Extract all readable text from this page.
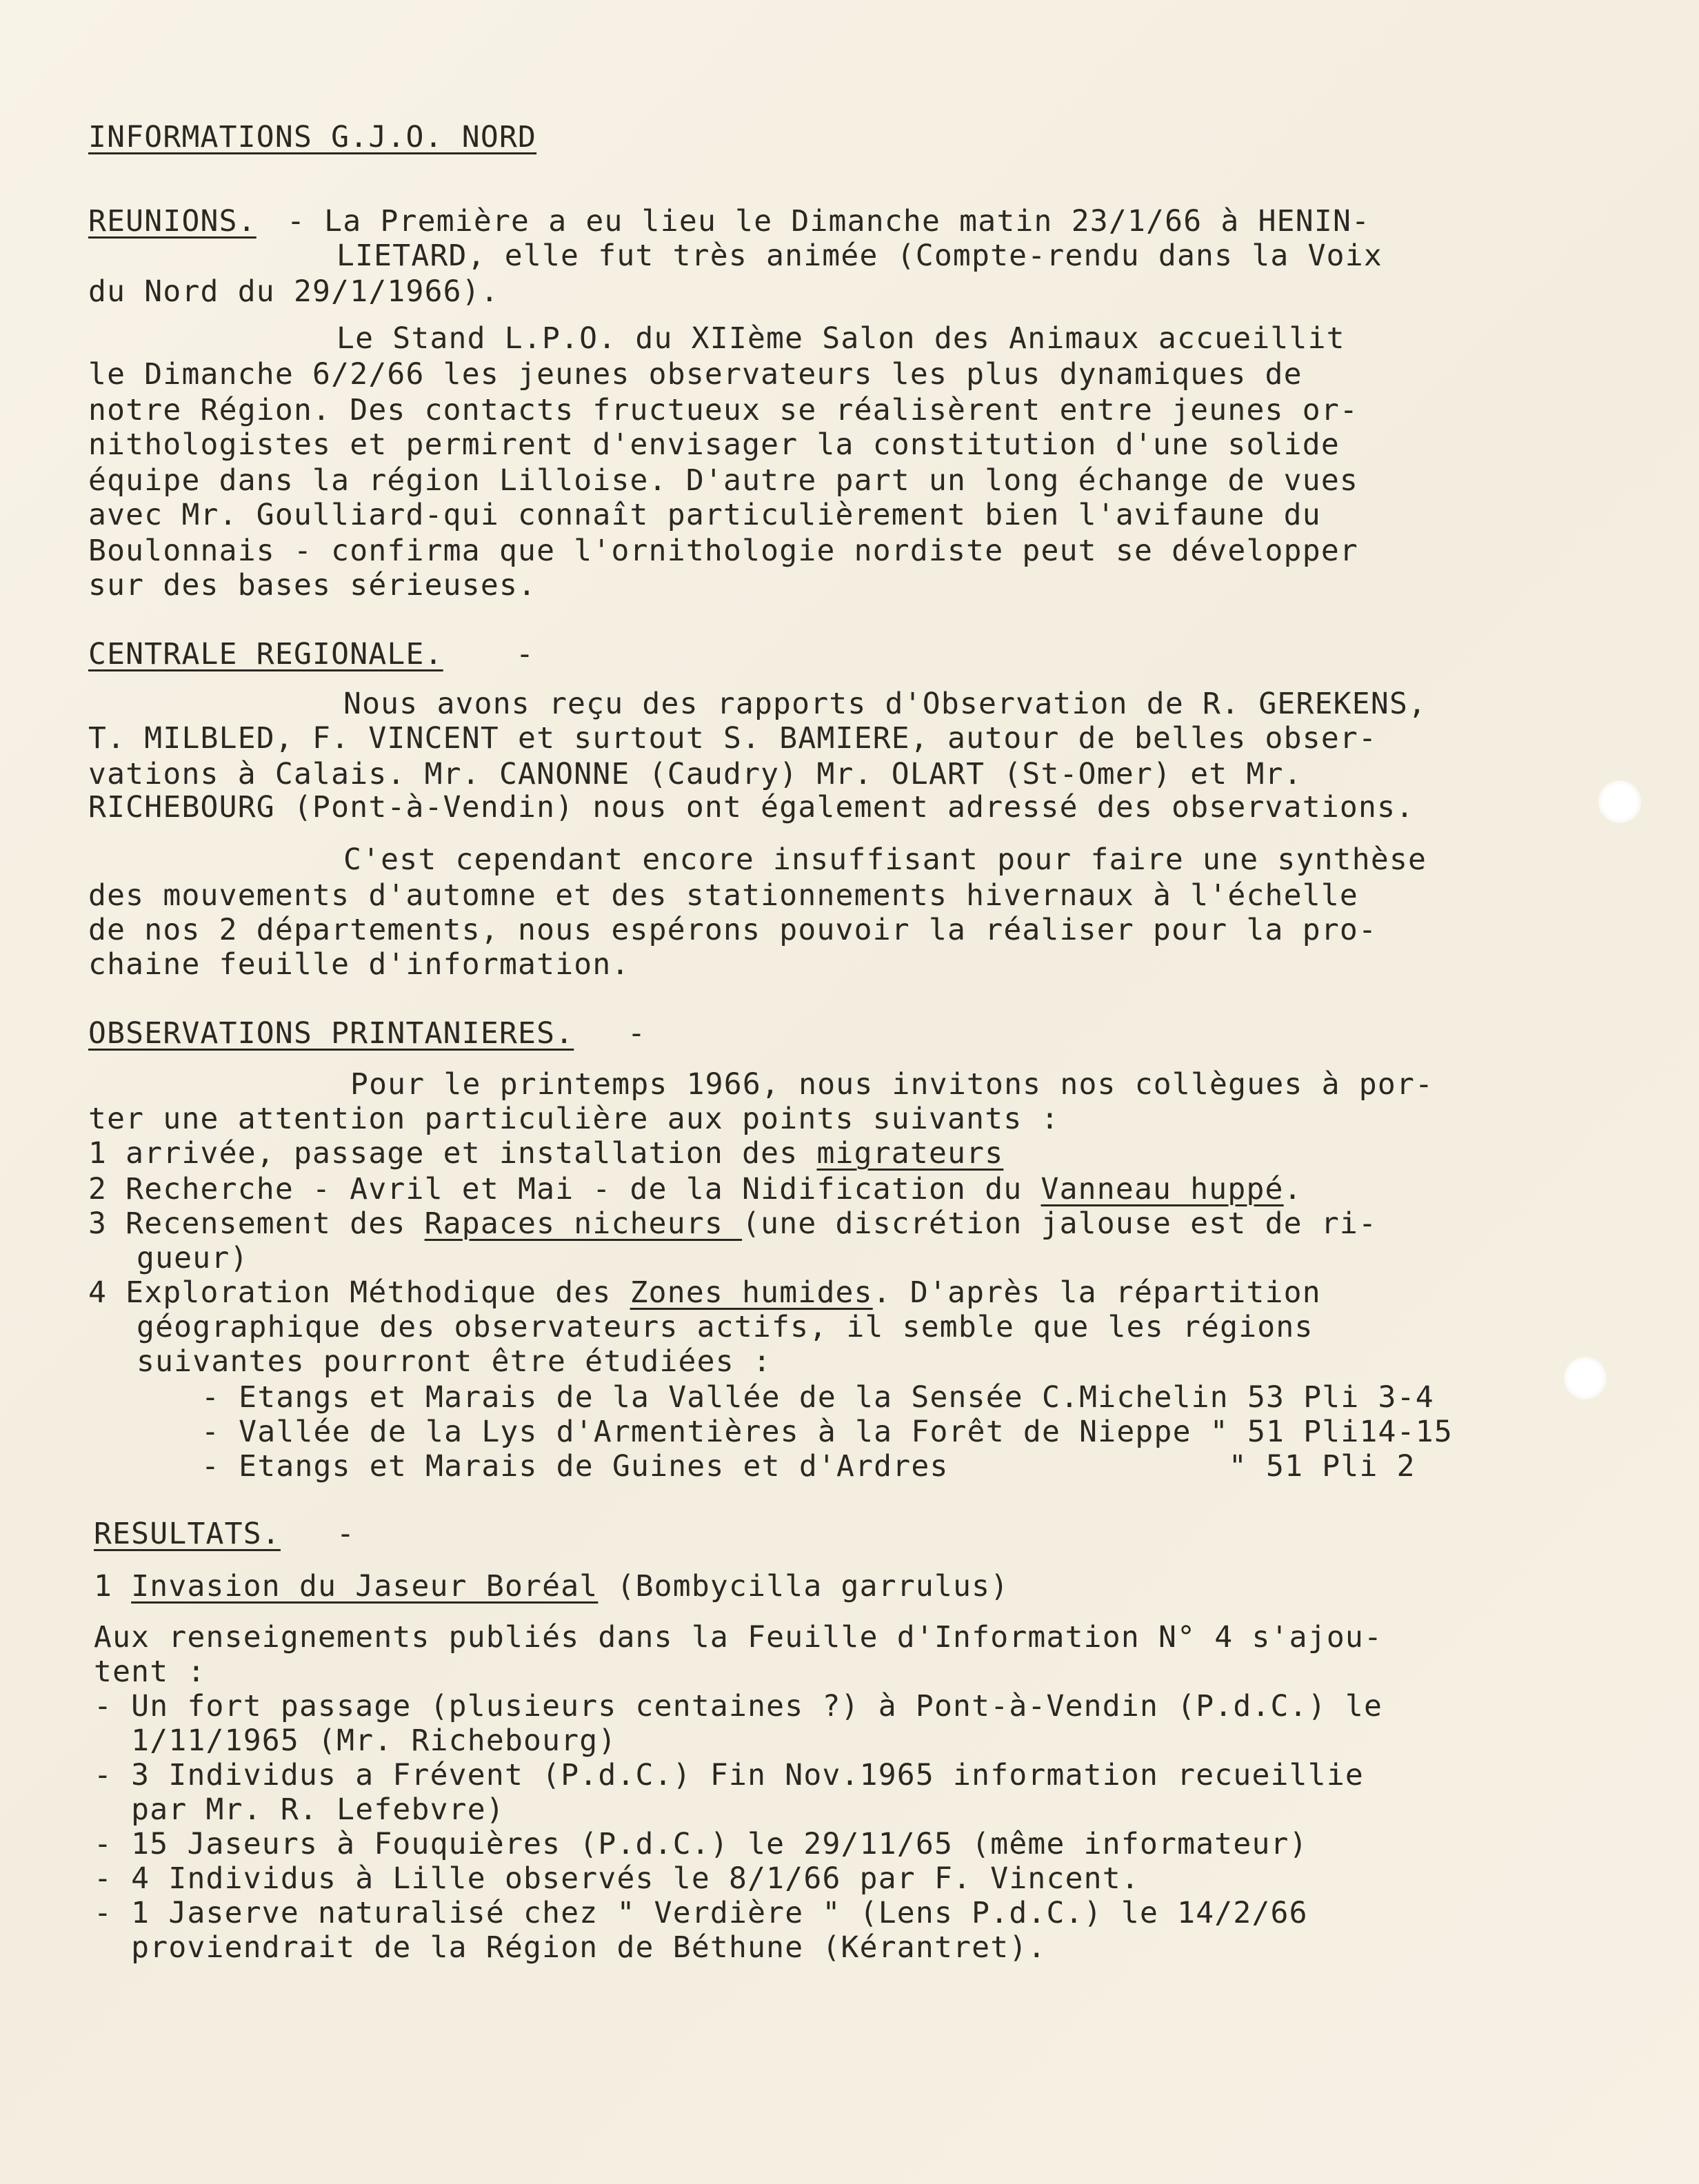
INFORMATIONS G.J.O. NORD
REUNIONS. - La Première a eu lieu le Dimanche matin 23/1/66 à HENIN-
LIETARD, elle fut très animée (Compte-rendu dans la Voix
du Nord du 29/1/1966).
Le Stand L.P.O. du XIIème Salon des Animaux accueillit
le Dimanche 6/2/66 les jeunes observateurs les plus dynamiques de
notre Région. Des contacts fructueux se réalisèrent entre jeunes or-
nithologistes et permirent d'envisager la constitution d'une solide
équipe dans la région Lilloise. D'autre part un long échange de vues
avec Mr. Goulliard-qui connaît particulièrement bien l'avifaune du
Boulonnais - confirma que l'ornithologie nordiste peut se développer
sur des bases sérieuses.
CENTRALE REGIONALE. -
Nous avons reçu des rapports d'Observation de R. GEREKENS,
T. MILBLED, F. VINCENT et surtout S. BAMIERE, autour de belles obser-
vations à Calais. Mr. CANONNE (Caudry) Mr. OLART (St-Omer) et Mr.
RICHEBOURG (Pont-à-Vendin) nous ont également adressé des observations.
C'est cependant encore insuffisant pour faire une synthèse
des mouvements d'automne et des stationnements hivernaux à l'échelle
de nos 2 départements, nous espérons pouvoir la réaliser pour la pro-
chaine feuille d'information.
OBSERVATIONS PRINTANIERES. -
Pour le printemps 1966, nous invitons nos collègues à por-
ter une attention particulière aux points suivants :
1 arrivée, passage et installation des migrateurs
2 Recherche - Avril et Mai - de la Nidification du Vanneau huppé.
3 Recensement des Rapaces nicheurs (une discrétion jalouse est de ri-
gueur)
4 Exploration Méthodique des Zones humides. D'après la répartition
géographique des observateurs actifs, il semble que les régions
suivantes pourront être étudiées :
- Etangs et Marais de la Vallée de la Sensée C.Michelin 53 Pli 3-4
- Vallée de la Lys d'Armentières à la Forêt de Nieppe " 51 Pli14-15
- Etangs et Marais de Guines et d'Ardres               " 51 Pli 2
RESULTATS. -
1 Invasion du Jaseur Boréal (Bombycilla garrulus)
Aux renseignements publiés dans la Feuille d'Information N° 4 s'ajou-
tent :
- Un fort passage (plusieurs centaines ?) à Pont-à-Vendin (P.d.C.) le
1/11/1965 (Mr. Richebourg)
- 3 Individus a Frévent (P.d.C.) Fin Nov.1965 information recueillie
par Mr. R. Lefebvre)
- 15 Jaseurs à Fouquières (P.d.C.) le 29/11/65 (même informateur)
- 4 Individus à Lille observés le 8/1/66 par F. Vincent.
- 1 Jaserve naturalisé chez " Verdière " (Lens P.d.C.) le 14/2/66
proviendrait de la Région de Béthune (Kérantret).
